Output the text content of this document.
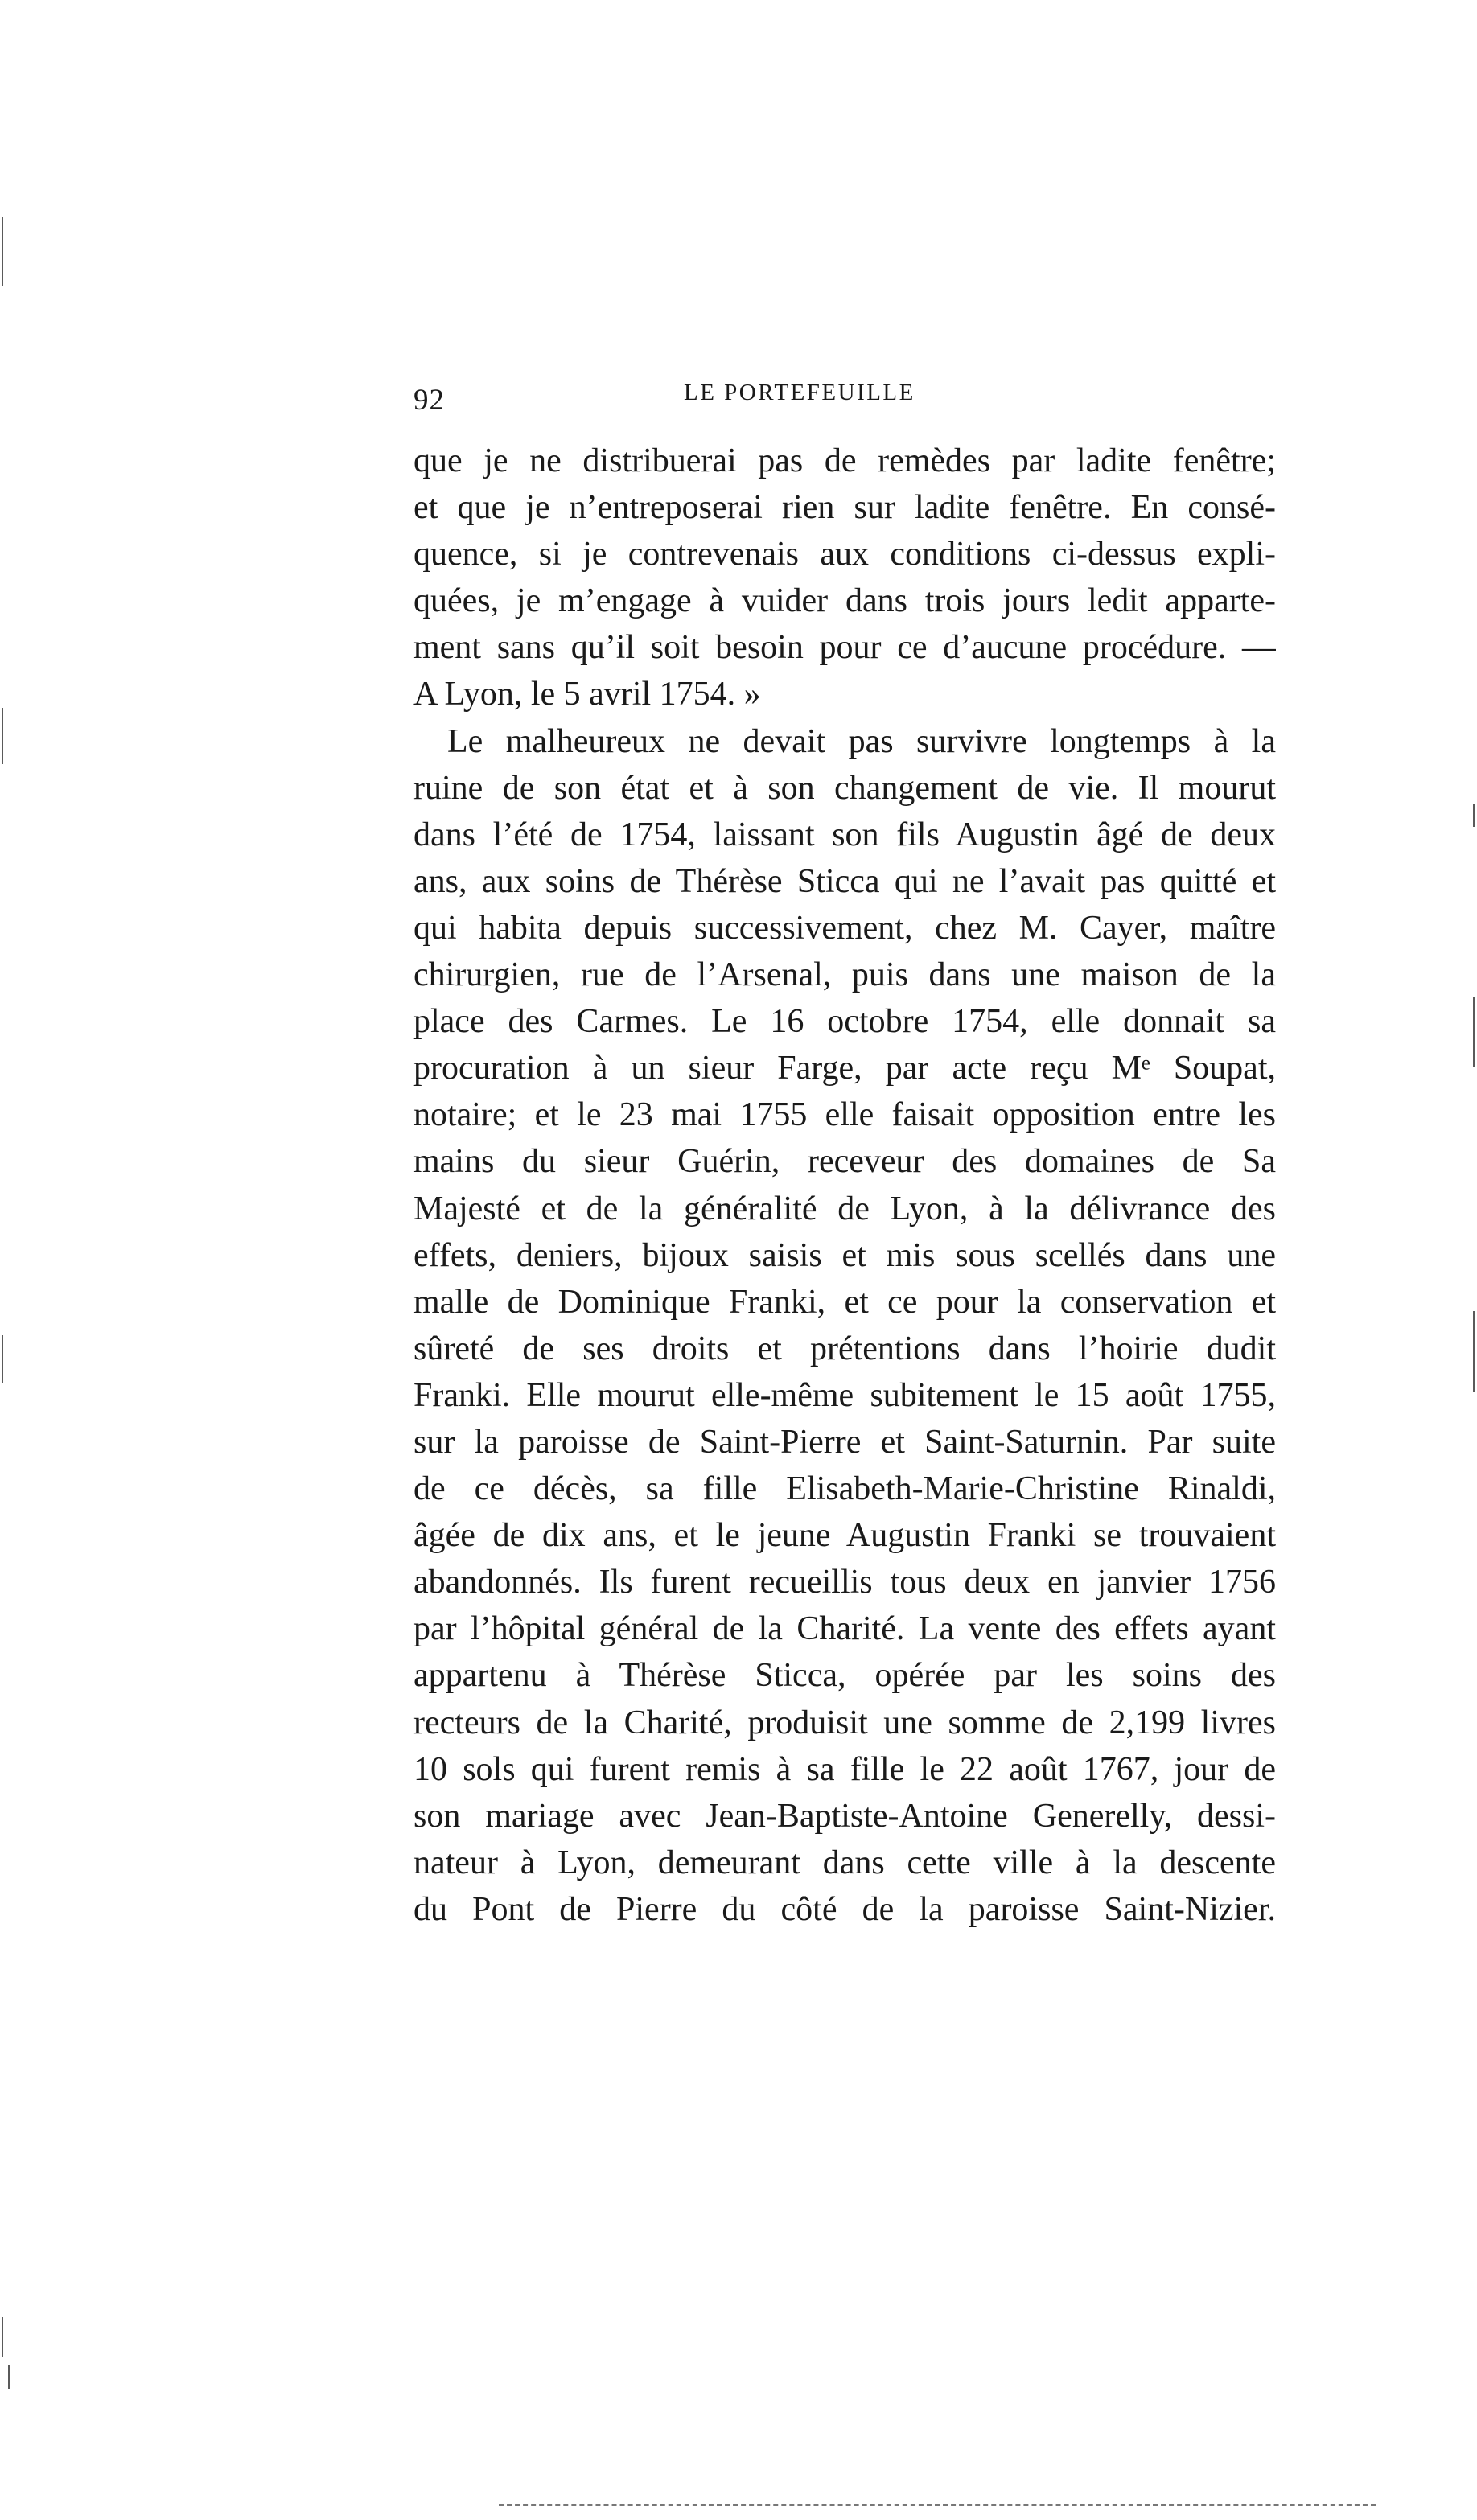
92	LE PORTEFEUILLE
que je ne distribuerai pas de remèdes par ladite fenêtre;
et que je n’entreposerai rien sur ladite fenêtre. En consé-
quence, si je contrevenais aux conditions ci-dessus expli-
quées, je m’engage à vuider dans trois jours ledit apparte-
ment sans qu’il soit besoin pour ce d’aucune procédure. —
A Lyon, le 5 avril 1754. »
Le malheureux ne devait pas survivre longtemps à la
ruine de son état et à son changement de vie. Il mourut
dans l’été de 1754, laissant son fils Augustin âgé de deux
ans, aux soins de Thérèse Sticca qui ne l’avait pas quitté et
qui habita depuis successivement, chez M. Cayer, maître
chirurgien, rue de l’Arsenal, puis dans une maison de la
place des Carmes. Le 16 octobre 1754, elle donnait sa
procuration à un sieur Farge, par acte reçu Mᵉ Soupat,
notaire; et le 23 mai 1755 elle faisait opposition entre les
mains du sieur Guérin, receveur des domaines de Sa
Majesté et de la généralité de Lyon, à la délivrance des
effets, deniers, bijoux saisis et mis sous scellés dans une
malle de Dominique Franki, et ce pour la conservation et
sûreté de ses droits et prétentions dans l’hoirie dudit
Franki. Elle mourut elle-même subitement le 15 août 1755,
sur la paroisse de Saint-Pierre et Saint-Saturnin. Par suite
de ce décès, sa fille Elisabeth-Marie-Christine Rinaldi,
âgée de dix ans, et le jeune Augustin Franki se trouvaient
abandonnés. Ils furent recueillis tous deux en janvier 1756
par l’hôpital général de la Charité. La vente des effets ayant
appartenu à Thérèse Sticca, opérée par les soins des
recteurs de la Charité, produisit une somme de 2,199 livres
10 sols qui furent remis à sa fille le 22 août 1767, jour de
son mariage avec Jean-Baptiste-Antoine Generelly, dessi-
nateur à Lyon, demeurant dans cette ville à la descente
du Pont de Pierre du côté de la paroisse Saint-Nizier.
